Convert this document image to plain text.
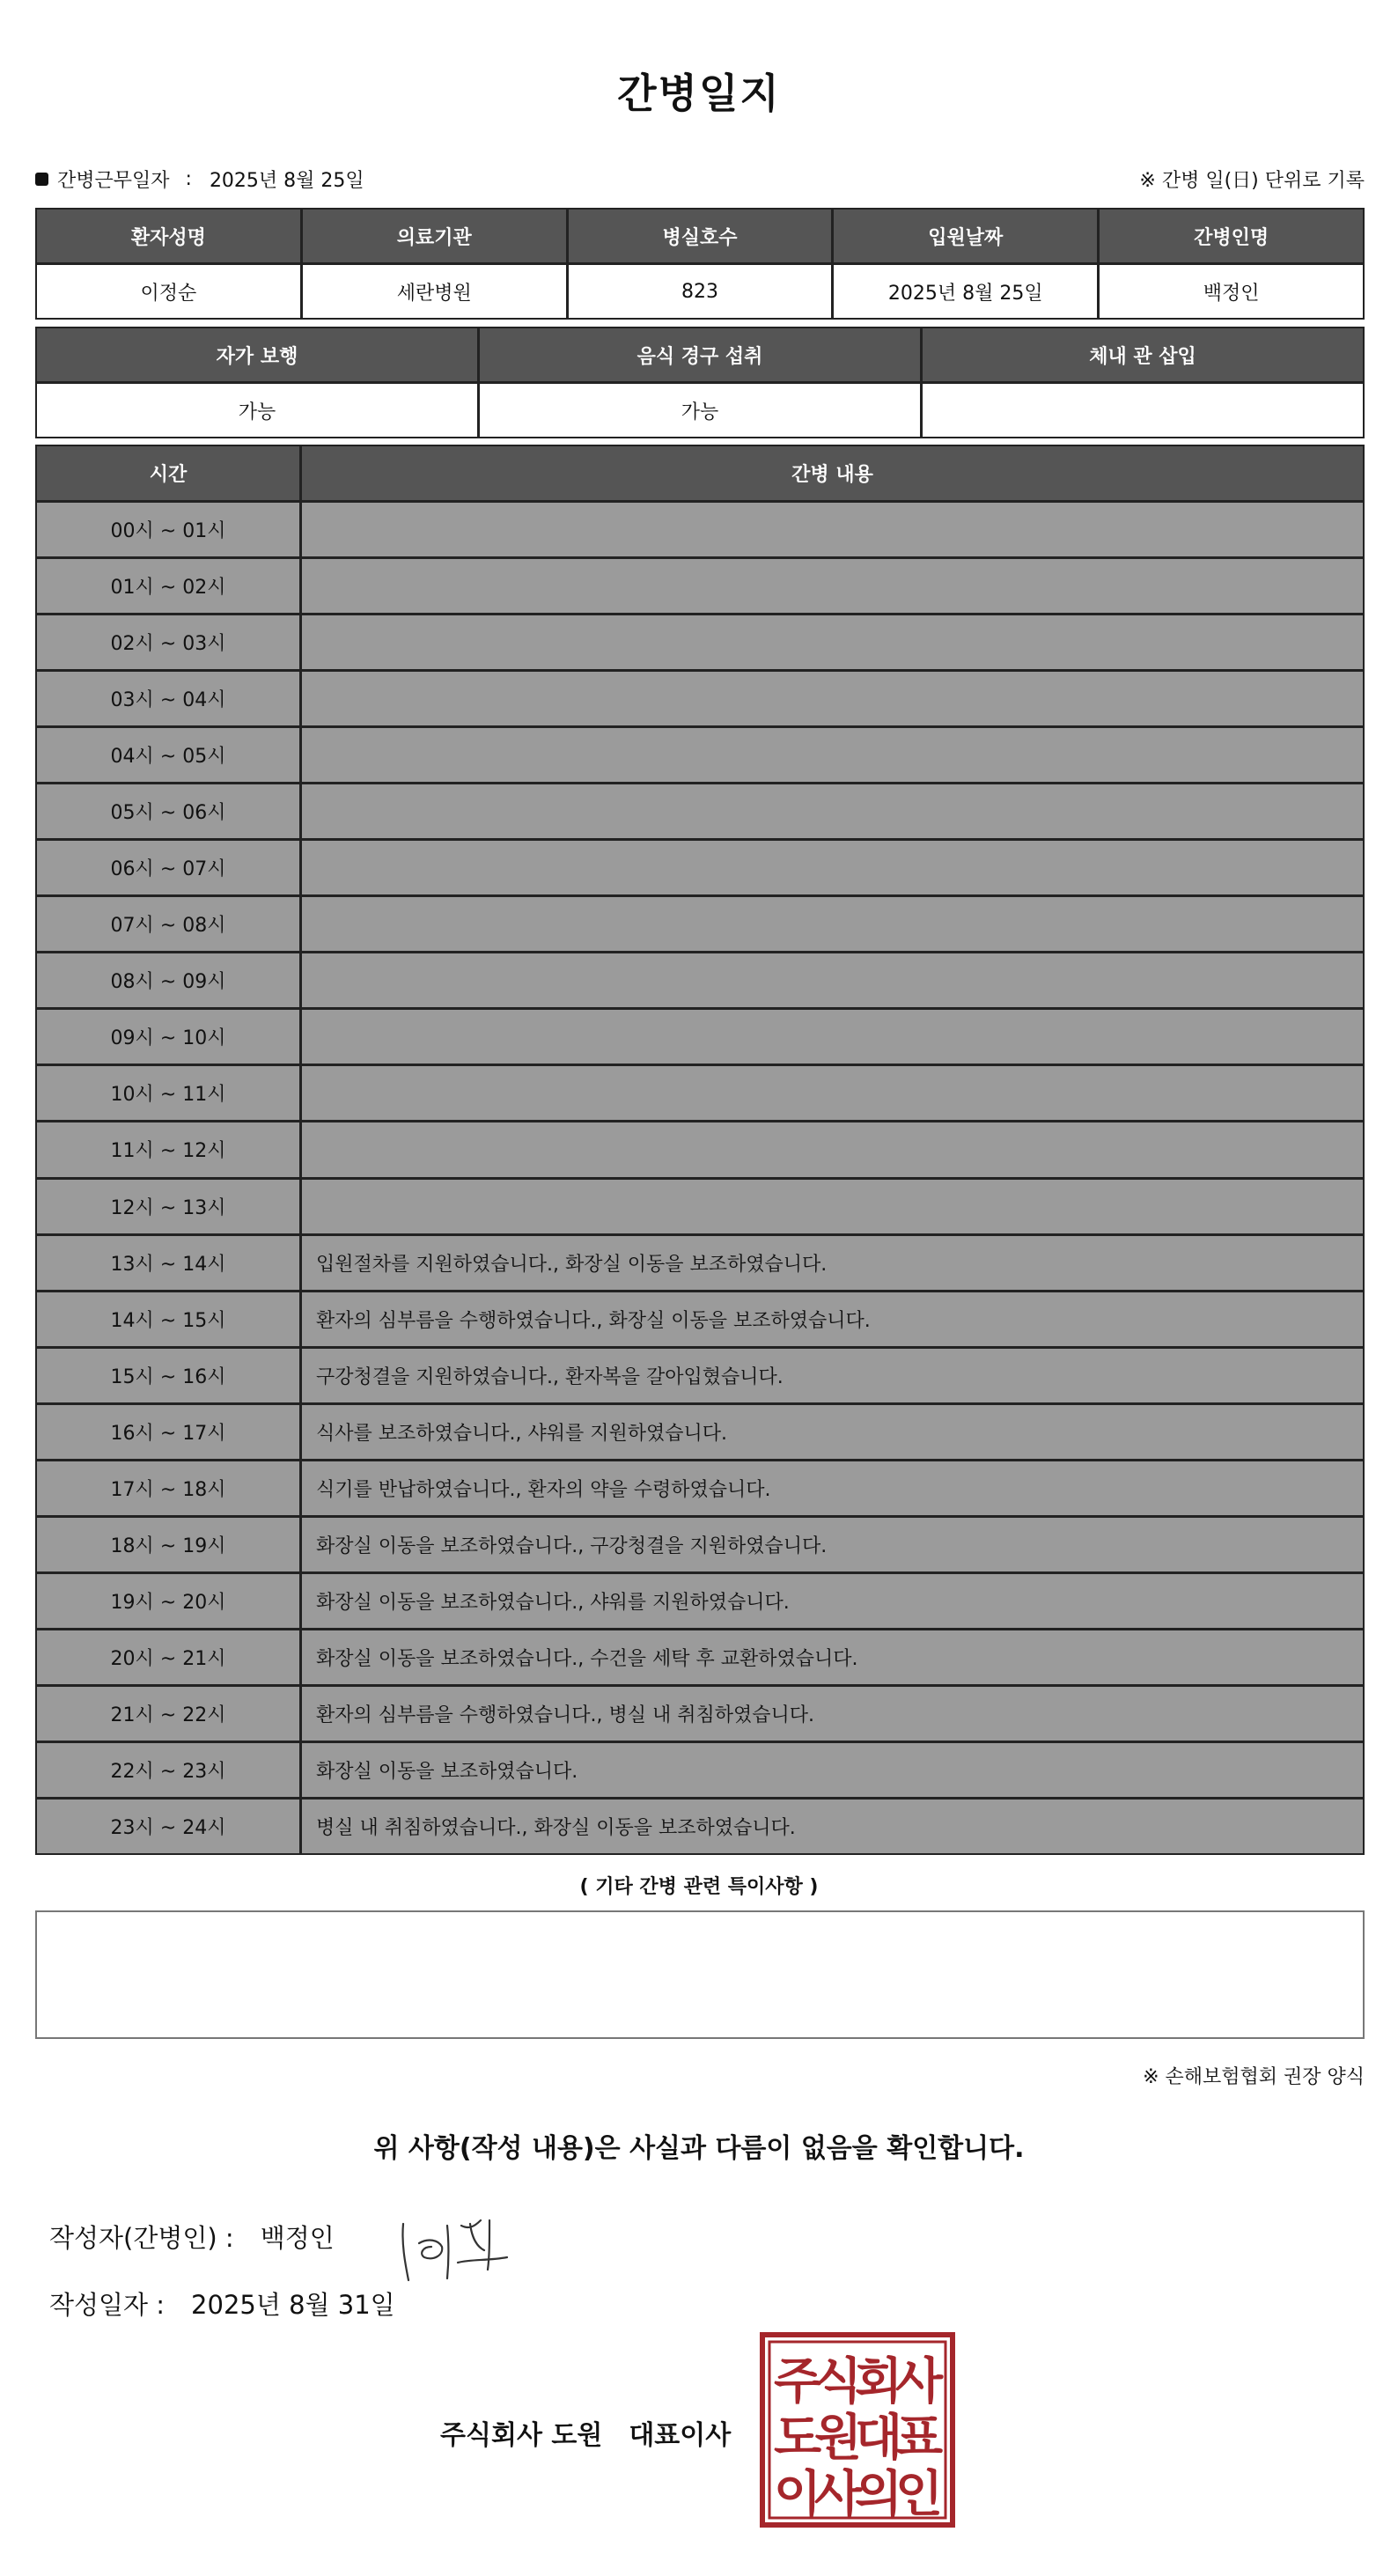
간병일지
간병근무일자 : 2025년 8월 25일	※ 간병 일(日) 단위로 기록
환자성명	의료기관	병실호수	입원날짜	간병인명
이정순	세란병원	823	2025년 8월 25일	백정인
자가 보행	음식 경구 섭취	체내 관 삽입
가능	가능
시간	간병 내용
00시 ~ 01시
01시 ~ 02시
02시 ~ 03시
03시 ~ 04시
04시 ~ 05시
05시 ~ 06시
06시 ~ 07시
07시 ~ 08시
08시 ~ 09시
09시 ~ 10시
10시 ~ 11시
11시 ~ 12시
12시 ~ 13시
13시 ~ 14시	입원절차를 지원하였습니다., 화장실 이동을 보조하였습니다.
14시 ~ 15시	환자의 심부름을 수행하였습니다., 화장실 이동을 보조하였습니다.
15시 ~ 16시	구강청결을 지원하였습니다., 환자복을 갈아입혔습니다.
16시 ~ 17시	식사를 보조하였습니다., 샤워를 지원하였습니다.
17시 ~ 18시	식기를 반납하였습니다., 환자의 약을 수령하였습니다.
18시 ~ 19시	화장실 이동을 보조하였습니다., 구강청결을 지원하였습니다.
19시 ~ 20시	화장실 이동을 보조하였습니다., 샤워를 지원하였습니다.
20시 ~ 21시	화장실 이동을 보조하였습니다., 수건을 세탁 후 교환하였습니다.
21시 ~ 22시	환자의 심부름을 수행하였습니다., 병실 내 취침하였습니다.
22시 ~ 23시	화장실 이동을 보조하였습니다.
23시 ~ 24시	병실 내 취침하였습니다., 화장실 이동을 보조하였습니다.
( 기타 간병 관련 특이사항 )
※ 손해보험협회 권장 양식
위 사항(작성 내용)은 사실과 다름이 없음을 확인합니다.
작성자(간병인) : 백정인
작성일자 : 2025년 8월 31일
주식회사 도원 대표이사
주
식
회
사
도
원
대
표
이
사
의
인
